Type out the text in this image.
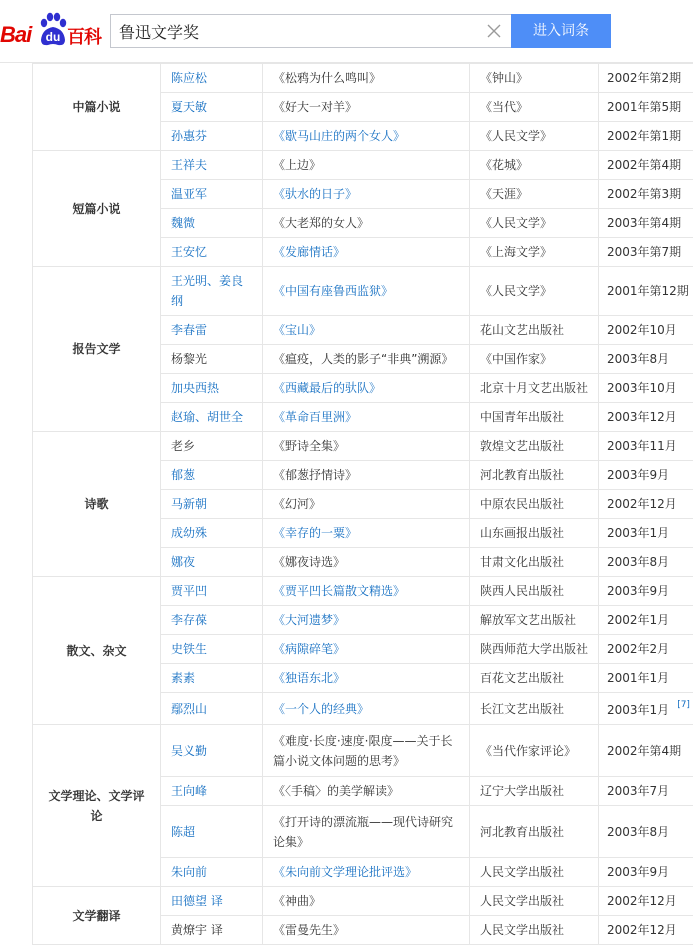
Bai	du 百科
鲁迅文学奖	进入词条
中篇小说	陈应松	《松鸦为什么鸣叫》	《钟山》	2002年第2期
	夏天敏	《好大一对羊》	《当代》	2001年第5期
	孙惠芬	《歇马山庄的两个女人》	《人民文学》	2002年第1期
短篇小说	王祥夫	《上边》	《花城》	2002年第4期
	温亚军	《驮水的日子》	《天涯》	2002年第3期
	魏微	《大老郑的女人》	《人民文学》	2003年第4期
	王安忆	《发廊情话》	《上海文学》	2003年第7期
报告文学	王光明、姜良纲	《中国有座鲁西监狱》	《人民文学》	2001年第12期
	李春雷	《宝山》	花山文艺出版社	2002年10月
	杨黎光	《瘟疫，人类的影子“非典”溯源》	《中国作家》	2003年8月
	加央西热	《西藏最后的驮队》	北京十月文艺出版社	2003年10月
	赵瑜、胡世全	《革命百里洲》	中国青年出版社	2003年12月
诗歌	老乡	《野诗全集》	敦煌文艺出版社	2003年11月
	郁葱	《郁葱抒情诗》	河北教育出版社	2003年9月
	马新朝	《幻河》	中原农民出版社	2002年12月
	成幼殊	《幸存的一粟》	山东画报出版社	2003年1月
	娜夜	《娜夜诗选》	甘肃文化出版社	2003年8月
散文、杂文	贾平凹	《贾平凹长篇散文精选》	陕西人民出版社	2003年9月
	李存葆	《大河遗梦》	解放军文艺出版社	2002年1月
	史铁生	《病隙碎笔》	陕西师范大学出版社	2002年2月
	素素	《独语东北》	百花文艺出版社	2001年1月
	鄢烈山	《一个人的经典》	长江文艺出版社	2003年1月 [7]
文学理论、文学评论	吴义勤	《难度·长度·速度·限度——关于长篇小说文体问题的思考》	《当代作家评论》	2002年第4期
	王向峰	《〈手稿〉的美学解读》	辽宁大学出版社	2003年7月
	陈超	《打开诗的漂流瓶——现代诗研究论集》	河北教育出版社	2003年8月
	朱向前	《朱向前文学理论批评选》	人民文学出版社	2003年9月
文学翻译	田德望 译	《神曲》	人民文学出版社	2002年12月
	黄燎宇 译	《雷曼先生》	人民文学出版社	2002年12月
